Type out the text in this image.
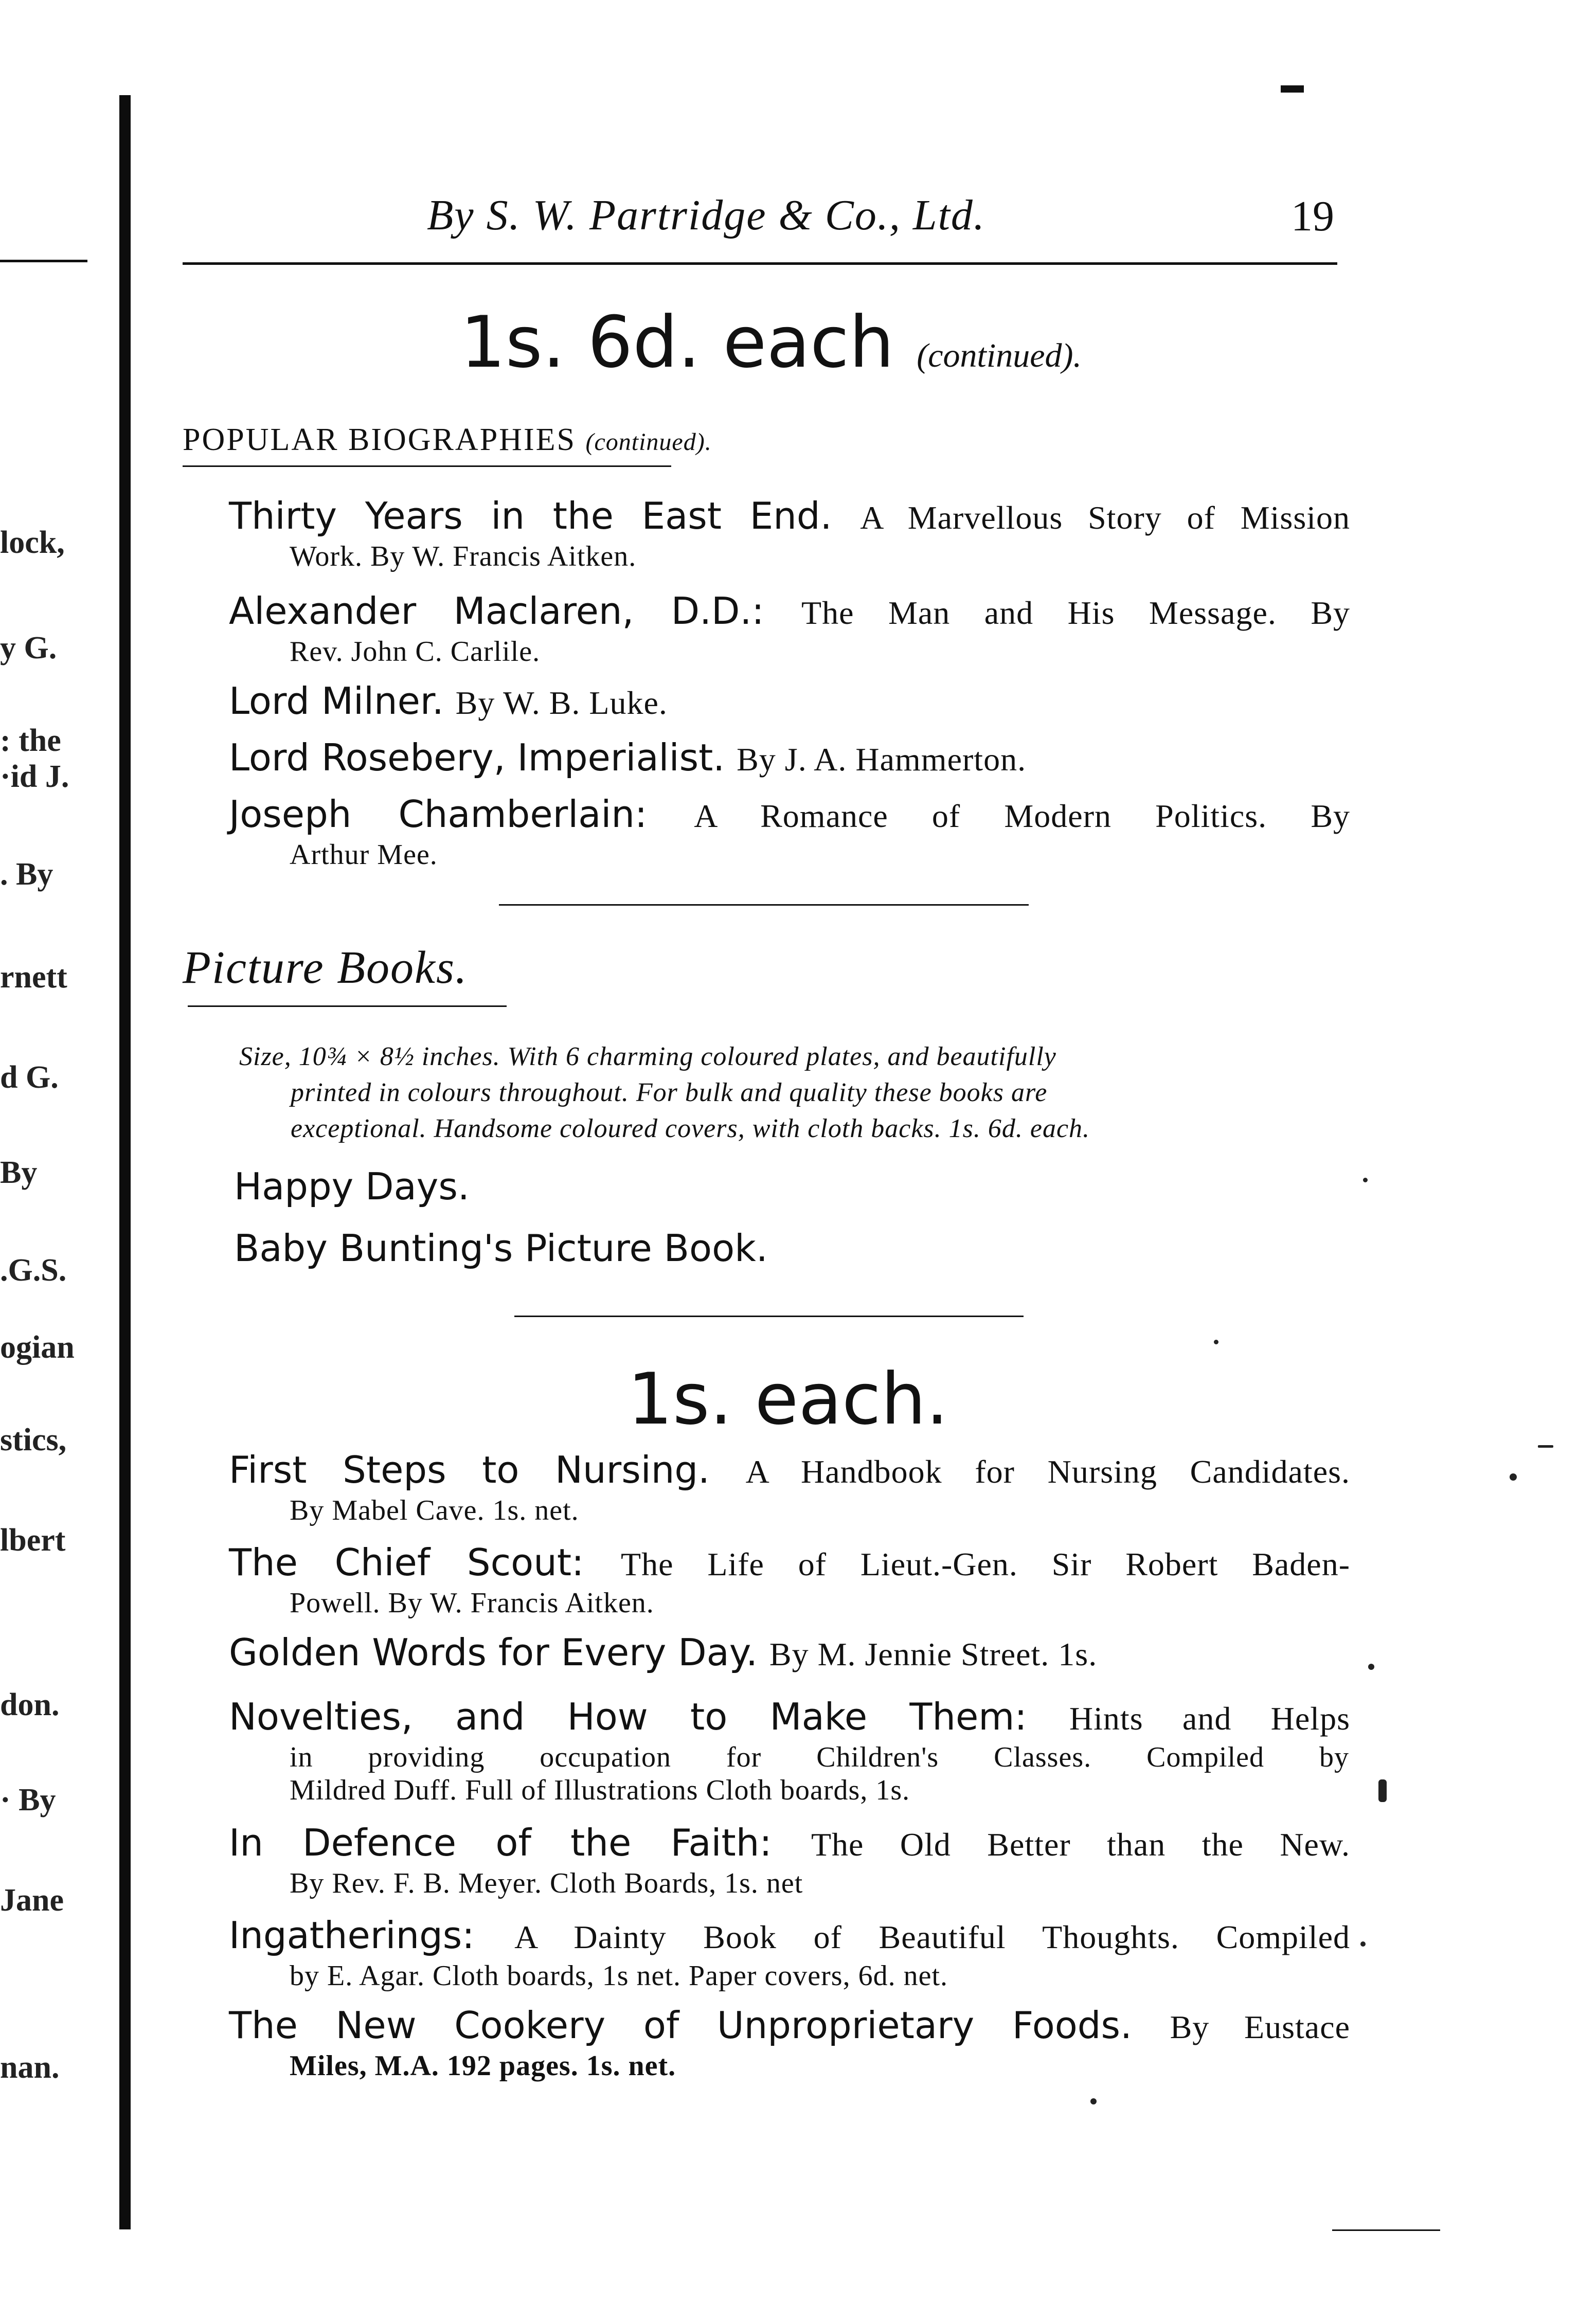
lock,
y G.
: the
·id J.
. By
rnett
d G.
By
.G.S.
ogian
stics,
lbert
don.
· By
Jane
nan.
By S. W. Partridge & Co., Ltd.	19
1s. 6d. each (continued).
POPULAR BIOGRAPHIES (continued).
Thirty Years in the East End. A Marvellous Story of Mission
Work. By W. Francis Aitken.
Alexander Maclaren, D.D.: The Man and His Message. By
Rev. John C. Carlile.
Lord Milner. By W. B. Luke.
Lord Rosebery, Imperialist. By J. A. Hammerton.
Joseph Chamberlain: A Romance of Modern Politics. By
Arthur Mee.
Picture Books.
Size, 10¾ × 8½ inches. With 6 charming coloured plates, and beautifully
printed in colours throughout. For bulk and quality these books are
exceptional. Handsome coloured covers, with cloth backs. 1s. 6d. each.
Happy Days.
Baby Bunting's Picture Book.
1s. each.
First Steps to Nursing. A Handbook for Nursing Candidates.
By Mabel Cave. 1s. net.
The Chief Scout: The Life of Lieut.-Gen. Sir Robert Baden-
Powell. By W. Francis Aitken.
Golden Words for Every Day. By M. Jennie Street. 1s.
Novelties, and How to Make Them: Hints and Helps
in providing occupation for Children's Classes. Compiled by
Mildred Duff. Full of Illustrations Cloth boards, 1s.
In Defence of the Faith: The Old Better than the New.
By Rev. F. B. Meyer. Cloth Boards, 1s. net
Ingatherings: A Dainty Book of Beautiful Thoughts. Compiled
by E. Agar. Cloth boards, 1s net. Paper covers, 6d. net.
The New Cookery of Unproprietary Foods. By Eustace
Miles, M.A. 192 pages. 1s. net.
